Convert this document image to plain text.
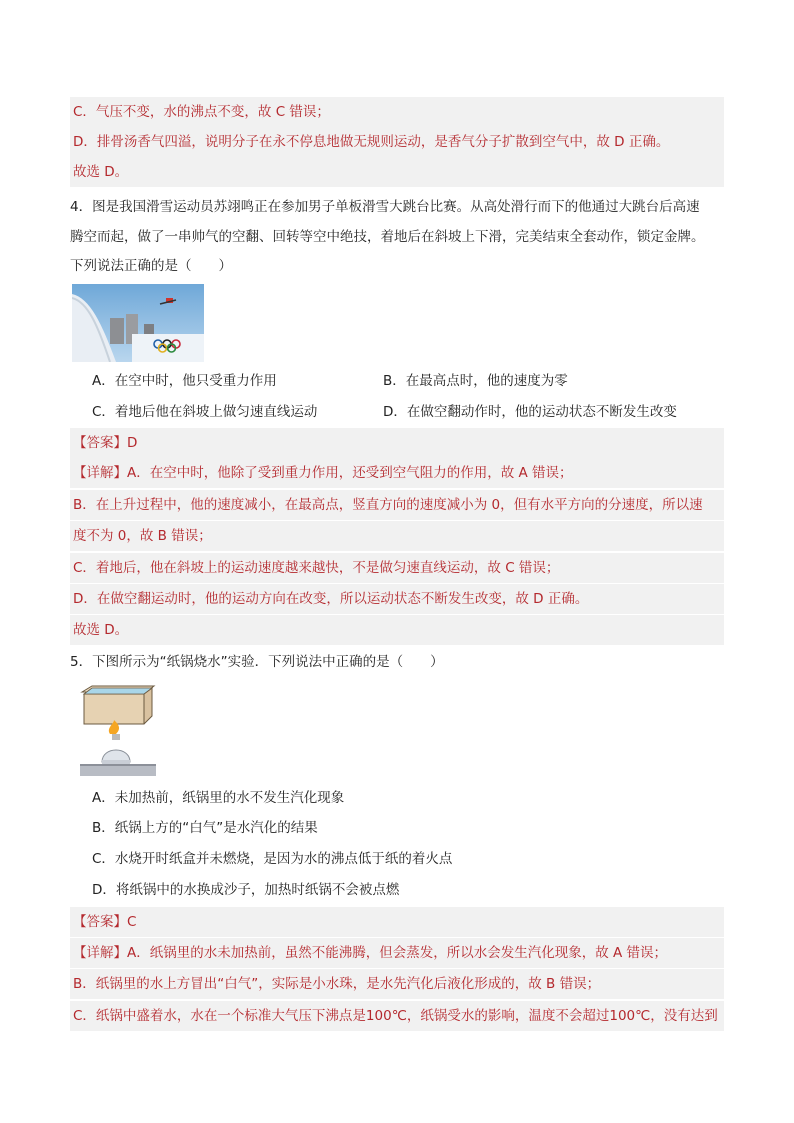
C．气压不变，水的沸点不变，故 C 错误；
D．排骨汤香气四溢，说明分子在永不停息地做无规则运动，是香气分子扩散到空气中，故 D 正确。
故选 D。
4．图是我国滑雪运动员苏翊鸣正在参加男子单板滑雪大跳台比赛。从高处滑行而下的他通过大跳台后高速
腾空而起，做了一串帅气的空翻、回转等空中绝技，着地后在斜坡上下滑，完美结束全套动作，锁定金牌。
下列说法正确的是（　　）
A．在空中时，他只受重力作用	B．在最高点时，他的速度为零
C．着地后他在斜坡上做匀速直线运动	D．在做空翻动作时，他的运动状态不断发生改变
【答案】D
【详解】A．在空中时，他除了受到重力作用，还受到空气阻力的作用，故 A 错误；
B．在上升过程中，他的速度减小，在最高点，竖直方向的速度减小为 0，但有水平方向的分速度，所以速
度不为 0，故 B 错误；
C．着地后，他在斜坡上的运动速度越来越快，不是做匀速直线运动，故 C 错误；
D．在做空翻运动时，他的运动方向在改变，所以运动状态不断发生改变，故 D 正确。
故选 D。
5．下图所示为“纸锅烧水”实验．下列说法中正确的是（　　）
A．未加热前，纸锅里的水不发生汽化现象
B．纸锅上方的“白气”是水汽化的结果
C．水烧开时纸盒并未燃烧，是因为水的沸点低于纸的着火点
D．将纸锅中的水换成沙子，加热时纸锅不会被点燃
【答案】C
【详解】A．纸锅里的水未加热前，虽然不能沸腾，但会蒸发，所以水会发生汽化现象，故 A 错误；
B．纸锅里的水上方冒出“白气”，实际是小水珠，是水先汽化后液化形成的，故 B 错误；
C．纸锅中盛着水，水在一个标准大气压下沸点是100℃，纸锅受水的影响，温度不会超过100℃，没有达到
